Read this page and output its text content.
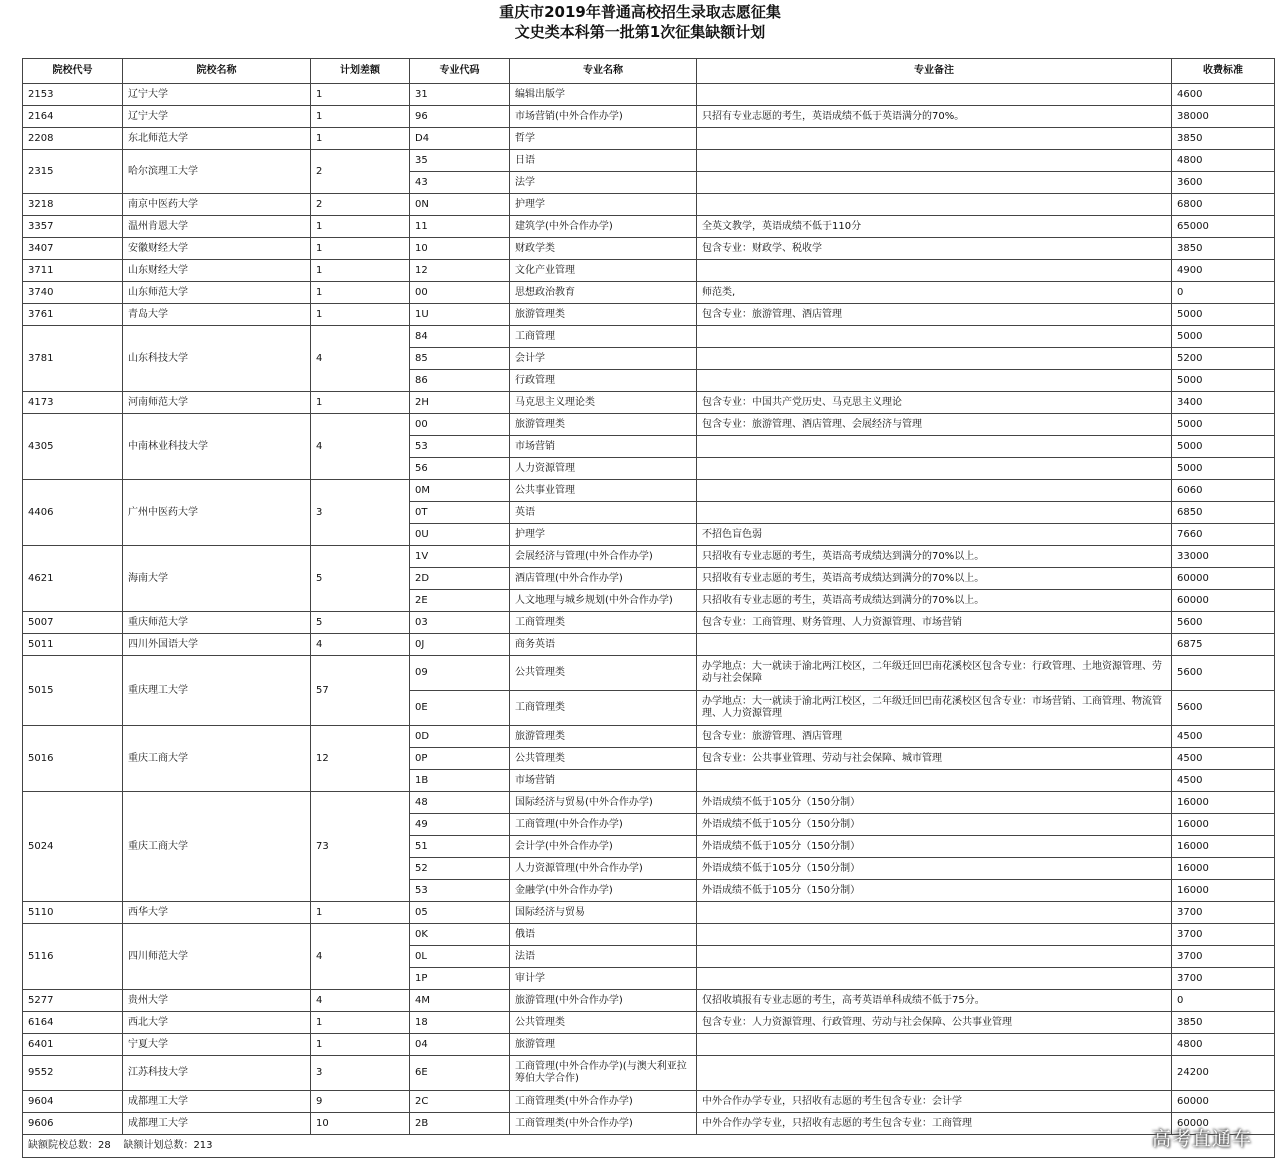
重庆市2019年普通高校招生录取志愿征集
文史类本科第一批第1次征集缺额计划
院校代号	院校名称	计划差额	专业代码	专业名称	专业备注	收费标准
2153	辽宁大学	1	31	编辑出版学		4600
2164	辽宁大学	1	96	市场营销(中外合作办学)	只招有专业志愿的考生，英语成绩不低于英语满分的70%。	38000
2208	东北师范大学	1	D4	哲学		3850
2315	哈尔滨理工大学	2	35	日语		4800
			43	法学		3600
3218	南京中医药大学	2	0N	护理学		6800
3357	温州肯恩大学	1	11	建筑学(中外合作办学)	全英文教学，英语成绩不低于110分	65000
3407	安徽财经大学	1	10	财政学类	包含专业：财政学、税收学	3850
3711	山东财经大学	1	12	文化产业管理		4900
3740	山东师范大学	1	00	思想政治教育	师范类,	0
3761	青岛大学	1	1U	旅游管理类	包含专业：旅游管理、酒店管理	5000
3781	山东科技大学	4	84	工商管理		5000
			85	会计学		5200
			86	行政管理		5000
4173	河南师范大学	1	2H	马克思主义理论类	包含专业：中国共产党历史、马克思主义理论	3400
4305	中南林业科技大学	4	00	旅游管理类	包含专业：旅游管理、酒店管理、会展经济与管理	5000
			53	市场营销		5000
			56	人力资源管理		5000
4406	广州中医药大学	3	0M	公共事业管理		6060
			0T	英语		6850
			0U	护理学	不招色盲色弱	7660
4621	海南大学	5	1V	会展经济与管理(中外合作办学)	只招收有专业志愿的考生，英语高考成绩达到满分的70%以上。	33000
			2D	酒店管理(中外合作办学)	只招收有专业志愿的考生，英语高考成绩达到满分的70%以上。	60000
			2E	人文地理与城乡规划(中外合作办学)	只招收有专业志愿的考生，英语高考成绩达到满分的70%以上。	60000
5007	重庆师范大学	5	03	工商管理类	包含专业：工商管理、财务管理、人力资源管理、市场营销	5600
5011	四川外国语大学	4	0J	商务英语		6875
5015	重庆理工大学	57	09	公共管理类	办学地点：大一就读于渝北两江校区，二年级迁回巴南花溪校区包含专业：行政管理、土地资源管理、劳动与社会保障	5600
			0E	工商管理类	办学地点：大一就读于渝北两江校区，二年级迁回巴南花溪校区包含专业：市场营销、工商管理、物流管理、人力资源管理	5600
5016	重庆工商大学	12	0D	旅游管理类	包含专业：旅游管理、酒店管理	4500
			0P	公共管理类	包含专业：公共事业管理、劳动与社会保障、城市管理	4500
			1B	市场营销		4500
5024	重庆工商大学	73	48	国际经济与贸易(中外合作办学)	外语成绩不低于105分（150分制）	16000
			49	工商管理(中外合作办学)	外语成绩不低于105分（150分制）	16000
			51	会计学(中外合作办学)	外语成绩不低于105分（150分制）	16000
			52	人力资源管理(中外合作办学)	外语成绩不低于105分（150分制）	16000
			53	金融学(中外合作办学)	外语成绩不低于105分（150分制）	16000
5110	西华大学	1	05	国际经济与贸易		3700
5116	四川师范大学	4	0K	俄语		3700
			0L	法语		3700
			1P	审计学		3700
5277	贵州大学	4	4M	旅游管理(中外合作办学)	仅招收填报有专业志愿的考生，高考英语单科成绩不低于75分。	0
6164	西北大学	1	18	公共管理类	包含专业：人力资源管理、行政管理、劳动与社会保障、公共事业管理	3850
6401	宁夏大学	1	04	旅游管理		4800
9552	江苏科技大学	3	6E	工商管理(中外合作办学)(与澳大利亚拉筹伯大学合作)		24200
9604	成都理工大学	9	2C	工商管理类(中外合作办学)	中外合作办学专业，只招收有志愿的考生包含专业：会计学	60000
9606	成都理工大学	10	2B	工商管理类(中外合作办学)	中外合作办学专业，只招收有志愿的考生包含专业：工商管理	60000
缺额院校总数：28    缺额计划总数：213							高考直通车
